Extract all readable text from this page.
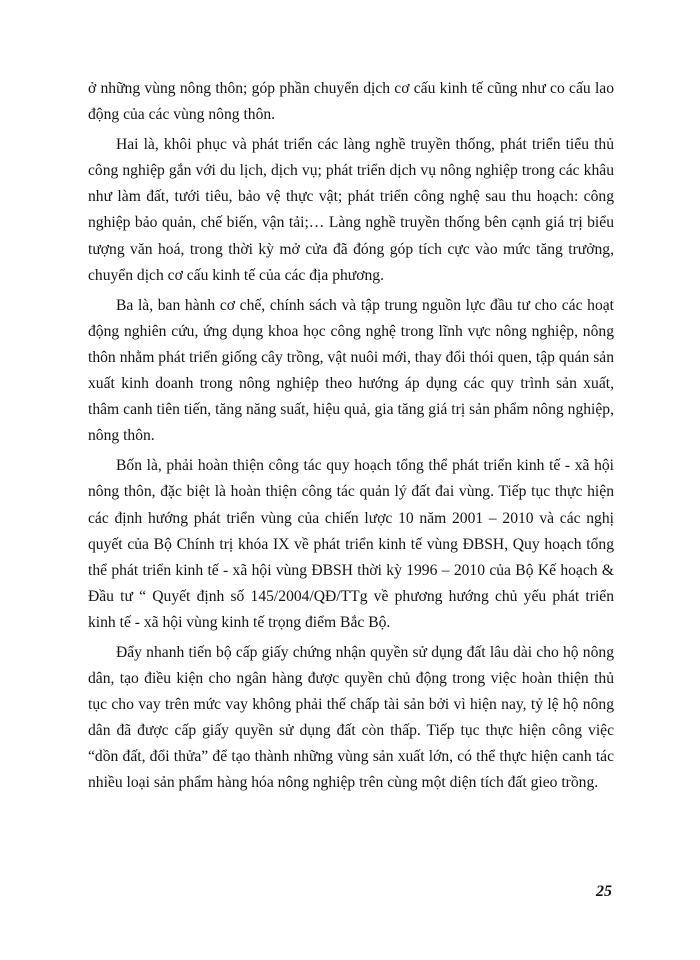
ở những vùng nông thôn; góp phần chuyển dịch cơ cấu kinh tế cũng như co cấu lao động của các vùng nông thôn.

Hai là, khôi phục và phát triển các làng nghề truyền thống, phát triển tiểu thủ công nghiệp gắn với du lịch, dịch vụ; phát triển dịch vụ nông nghiệp trong các khâu như làm đất, tưới tiêu, bảo vệ thực vật; phát triển công nghệ sau thu hoạch: công nghiệp bảo quản, chế biến, vận tải;… Làng nghề truyền thống bên cạnh giá trị biểu tượng văn hoá, trong thời kỳ mở cửa đã đóng góp tích cực vào mức tăng trưởng, chuyển dịch cơ cấu kinh tế của các địa phương.

Ba là, ban hành cơ chế, chính sách và tập trung nguồn lực đầu tư cho các hoạt động nghiên cứu, ứng dụng khoa học công nghệ trong lĩnh vực nông nghiệp, nông thôn nhằm phát triển giống cây trồng, vật nuôi mới, thay đổi thói quen, tập quán sản xuất kinh doanh trong nông nghiệp theo hướng áp dụng các quy trình sản xuất, thâm canh tiên tiến, tăng năng suất, hiệu quả, gia tăng giá trị sản phẩm nông nghiệp, nông thôn.

Bốn là, phải hoàn thiện công tác quy hoạch tổng thể phát triển kinh tế - xã hội nông thôn, đặc biệt là hoàn thiện công tác quản lý đất đai vùng. Tiếp tục thực hiện các định hướng phát triển vùng của chiến lược 10 năm 2001 – 2010 và các nghị quyết của Bộ Chính trị khóa IX về phát triển kinh tế vùng ĐBSH, Quy hoạch tổng thể phát triển kinh tế - xã hội vùng ĐBSH thời kỳ 1996 – 2010 của Bộ Kế hoạch & Đầu tư “ Quyết định số 145/2004/QĐ/TTg về phương hướng chủ yếu phát triển kinh tế - xã hội vùng kinh tế trọng điểm Bắc Bộ.

Đẩy nhanh tiến bộ cấp giấy chứng nhận quyền sử dụng đất lâu dài cho hộ nông dân, tạo điều kiện cho ngân hàng được quyền chủ động trong việc hoàn thiện thủ tục cho vay trên mức vay không phải thế chấp tài sản bởi vì hiện nay, tỷ lệ hộ nông dân đã được cấp giấy quyền sử dụng đất còn thấp. Tiếp tục thực hiện công việc “dồn đất, đổi thửa” để tạo thành những vùng sản xuất lớn, có thể thực hiện canh tác nhiều loại sản phẩm hàng hóa nông nghiệp trên cùng một diện tích đất gieo trồng.

25
